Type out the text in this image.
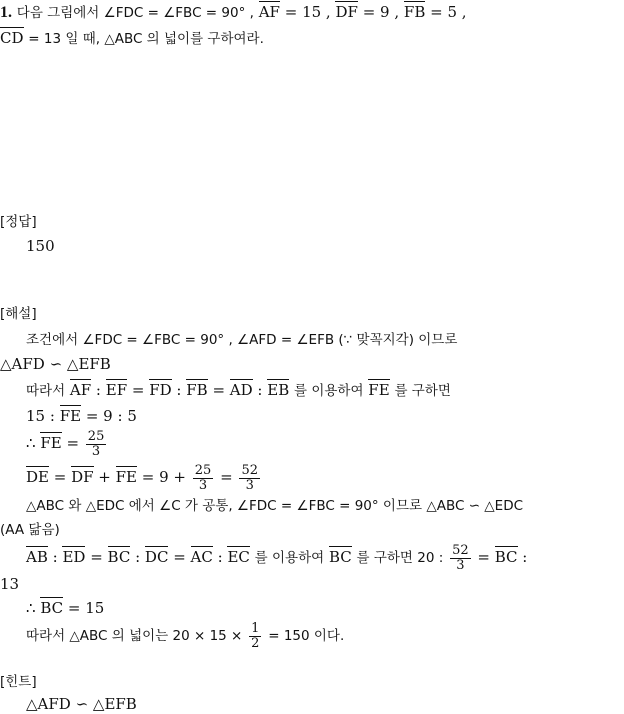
1. 다음 그림에서 ∠FDC = ∠FBC = 90° , AF = 15 , DF = 9 , FB = 5 ,
CD = 13 일 때, △ABC 의 넓이를 구하여라.
[정답]
150
[해설]
조건에서 ∠FDC = ∠FBC = 90° , ∠AFD = ∠EFB (∵ 맞꼭지각) 이므로
△AFD ∽ △EFB
따라서 AF : EF = FD : FB = AD : EB 를 이용하여 FE 를 구하면
15 : FE = 9 : 5
∴ FE = $\frac{25}{3}$
DE = DF + FE = $9 + \frac{25}{3} = \frac{52}{3}$
△ABC 와 △EDC 에서 ∠C 가 공통, ∠FDC = ∠FBC = 90° 이므로 △ABC ∽ △EDC
(AA 닮음)
AB : ED = BC : DC = AC : EC 를 이용하여 BC 를 구하면 20 : $\frac{52}{3}$ = BC :
13
∴ BC = 15
따라서 △ABC 의 넓이는 $20 \times 15 \times \frac{1}{2} = 150$ 이다.
[힌트]
△AFD ∽ △EFB
